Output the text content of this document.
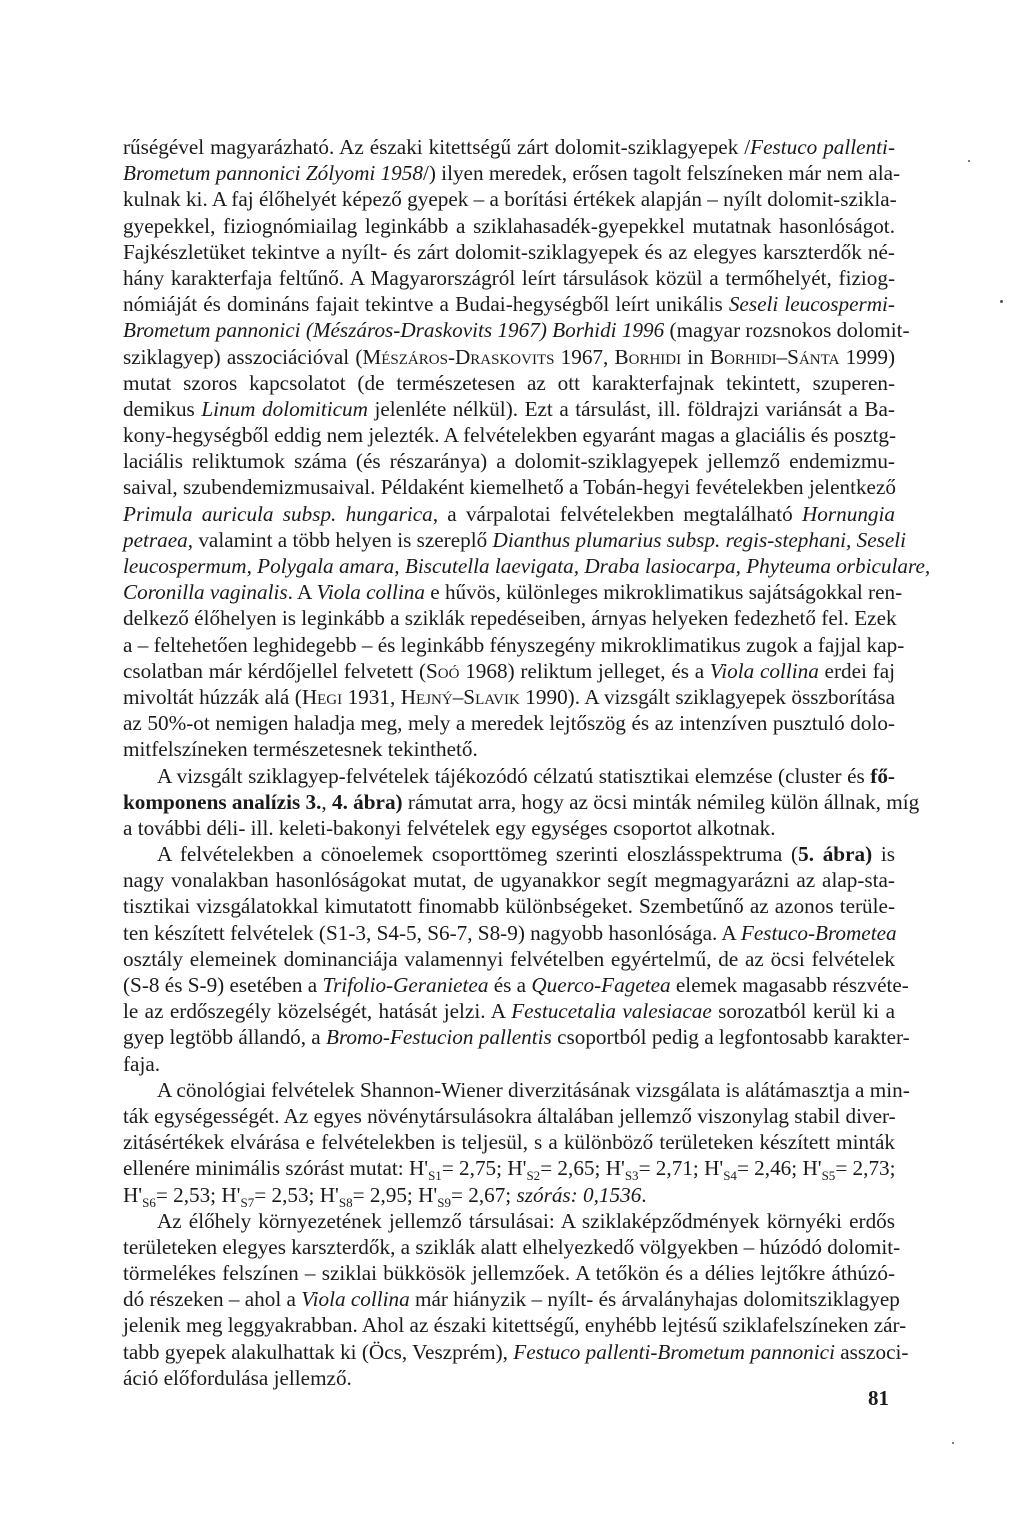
rűségével magyarázható. Az északi kitettségű zárt dolomit-sziklagyepek /Festuco pallenti-
Brometum pannonici Zólyomi 1958/) ilyen meredek, erősen tagolt felszíneken már nem ala-
kulnak ki. A faj élőhelyét képező gyepek – a borítási értékek alapján – nyílt dolomit-szikla-
gyepekkel, fiziognómiailag leginkább a sziklahasadék-gyepekkel mutatnak hasonlóságot.
Fajkészletüket tekintve a nyílt- és zárt dolomit-sziklagyepek és az elegyes karszterdők né-
hány karakterfaja feltűnő. A Magyarországról leírt társulások közül a termőhelyét, fiziog-
nómiáját és domináns fajait tekintve a Budai-hegységből leírt unikális Seseli leucospermi-
Brometum pannonici (Mészáros-Draskovits 1967) Borhidi 1996 (magyar rozsnokos dolomit-
sziklagyep) asszociációval (Mészáros-Draskovits 1967, Borhidi in Borhidi–Sánta 1999)
mutat szoros kapcsolatot (de természetesen az ott karakterfajnak tekintett, szuperen-
demikus Linum dolomiticum jelenléte nélkül). Ezt a társulást, ill. földrajzi variánsát a Ba-
kony-hegységből eddig nem jelezték. A felvételekben egyaránt magas a glaciális és posztg-
laciális reliktumok száma (és részaránya) a dolomit-sziklagyepek jellemző endemizmu-
saival, szubendemizmusaival. Példaként kiemelhető a Tobán-hegyi fevételekben jelentkező
Primula auricula subsp. hungarica, a várpalotai felvételekben megtalálható Hornungia
petraea, valamint a több helyen is szereplő Dianthus plumarius subsp. regis-stephani, Seseli
leucospermum, Polygala amara, Biscutella laevigata, Draba lasiocarpa, Phyteuma orbiculare,
Coronilla vaginalis. A Viola collina e hűvös, különleges mikroklimatikus sajátságokkal ren-
delkező élőhelyen is leginkább a sziklák repedéseiben, árnyas helyeken fedezhető fel. Ezek
a – feltehetően leghidegebb – és leginkább fényszegény mikroklimatikus zugok a fajjal kap-
csolatban már kérdőjellel felvetett (Soó 1968) reliktum jelleget, és a Viola collina erdei faj
mivoltát húzzák alá (Hegi 1931, Hejný–Slavik 1990). A vizsgált sziklagyepek összborítása
az 50%-ot nemigen haladja meg, mely a meredek lejtőszög és az intenzíven pusztuló dolo-
mitfelszíneken természetesnek tekinthető.
A vizsgált sziklagyep-felvételek tájékozódó célzatú statisztikai elemzése (cluster és fő-
komponens analízis 3., 4. ábra) rámutat arra, hogy az öcsi minták némileg külön állnak, míg
a további déli- ill. keleti-bakonyi felvételek egy egységes csoportot alkotnak.
A felvételekben a cönoelemek csoporttömeg szerinti eloszlásspektruma (5. ábra) is
nagy vonalakban hasonlóságokat mutat, de ugyanakkor segít megmagyarázni az alap-sta-
tisztikai vizsgálatokkal kimutatott finomabb különbségeket. Szembetűnő az azonos terüle-
ten készített felvételek (S1-3, S4-5, S6-7, S8-9) nagyobb hasonlósága. A Festuco-Brometea
osztály elemeinek dominanciája valamennyi felvételben egyértelmű, de az öcsi felvételek
(S-8 és S-9) esetében a Trifolio-Geranietea és a Querco-Fagetea elemek magasabb részvéte-
le az erdőszegély közelségét, hatását jelzi. A Festucetalia valesiacae sorozatból kerül ki a
gyep legtöbb állandó, a Bromo-Festucion pallentis csoportból pedig a legfontosabb karakter-
faja.
A cönológiai felvételek Shannon-Wiener diverzitásának vizsgálata is alátámasztja a min-
ták egységességét. Az egyes növénytársulásokra általában jellemző viszonylag stabil diver-
zitásértékek elvárása e felvételekben is teljesül, s a különböző területeken készített minták
ellenére minimális szórást mutat: $H'_{S1}= 2,75$; $H'_{S2}= 2,65$; $H'_{S3}= 2,71$; $H'_{S4}= 2,46$; $H'_{S5}= 2,73$;
$H'_{S6}= 2,53$; $H'_{S7}= 2,53$; $H'_{S8}= 2,95$; $H'_{S9}= 2,67$; szórás: 0,1536.
Az élőhely környezetének jellemző társulásai: A sziklaképződmények környéki erdős
területeken elegyes karszterdők, a sziklák alatt elhelyezkedő völgyekben – húzódó dolomit-
törmelékes felszínen – sziklai bükkösök jellemzőek. A tetőkön és a délies lejtőkre áthúzó-
dó részeken – ahol a Viola collina már hiányzik – nyílt- és árvalányhajas dolomitsziklagyep
jelenik meg leggyakrabban. Ahol az északi kitettségű, enyhébb lejtésű sziklafelszíneken zár-
tabb gyepek alakulhattak ki (Öcs, Veszprém), Festuco pallenti-Brometum pannonici asszoci-
áció előfordulása jellemző.
81
